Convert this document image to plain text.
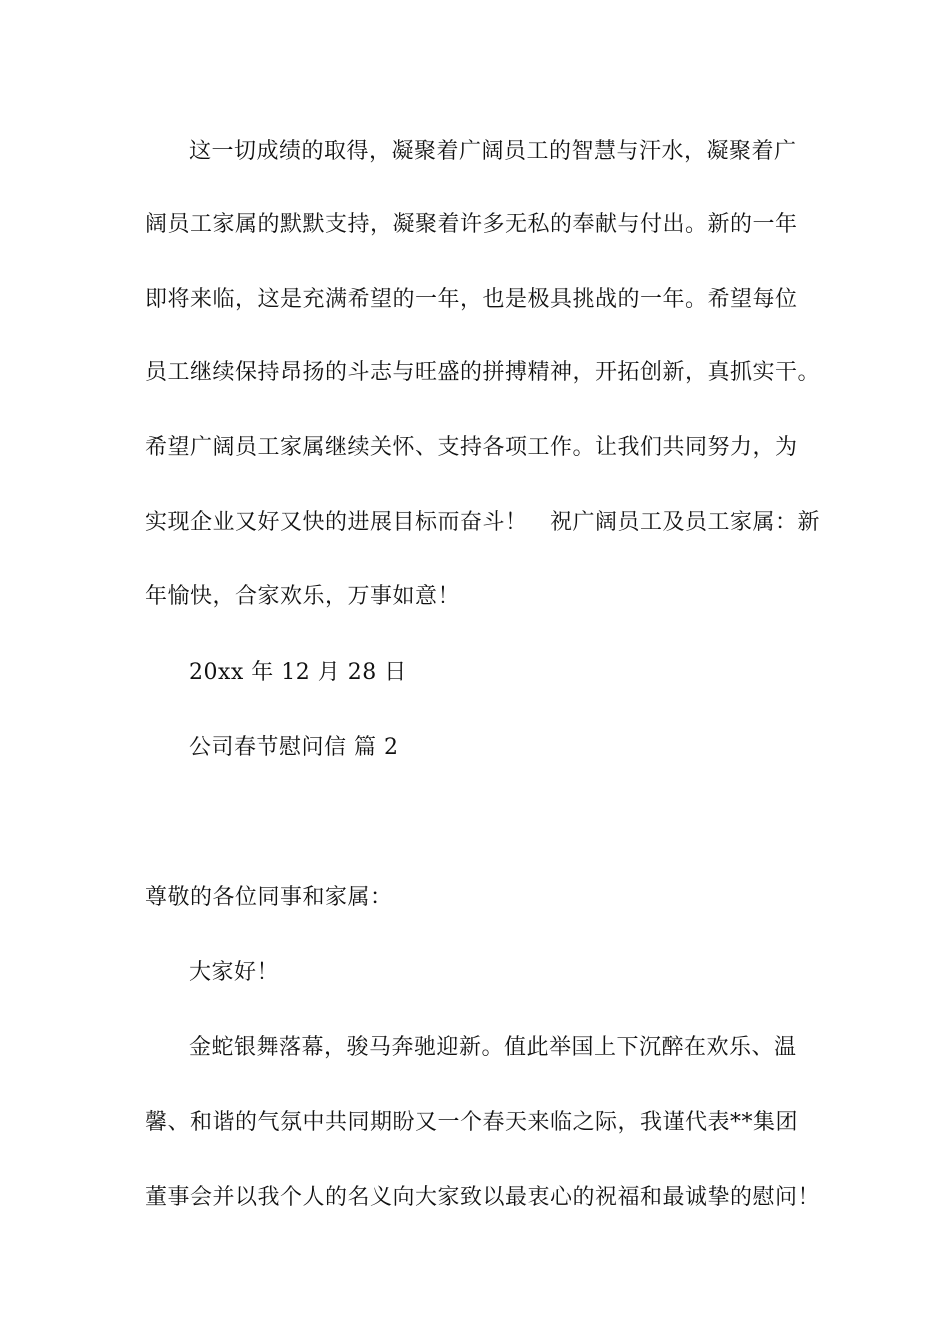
这一切成绩的取得，凝聚着广阔员工的智慧与汗水，凝聚着广
阔员工家属的默默支持，凝聚着许多无私的奉献与付出。新的一年
即将来临，这是充满希望的一年，也是极具挑战的一年。希望每位
员工继续保持昂扬的斗志与旺盛的拼搏精神，开拓创新，真抓实干。
希望广阔员工家属继续关怀、支持各项工作。让我们共同努力，为
实现企业又好又快的进展目标而奋斗！　祝广阔员工及员工家属：新
年愉快，合家欢乐，万事如意！
20xx 年 12 月 28 日
公司春节慰问信 篇 2
尊敬的各位同事和家属：
大家好！
金蛇银舞落幕，骏马奔驰迎新。值此举国上下沉醉在欢乐、温
馨、和谐的气氛中共同期盼又一个春天来临之际，我谨代表**集团
董事会并以我个人的名义向大家致以最衷心的祝福和最诚挚的慰问！
